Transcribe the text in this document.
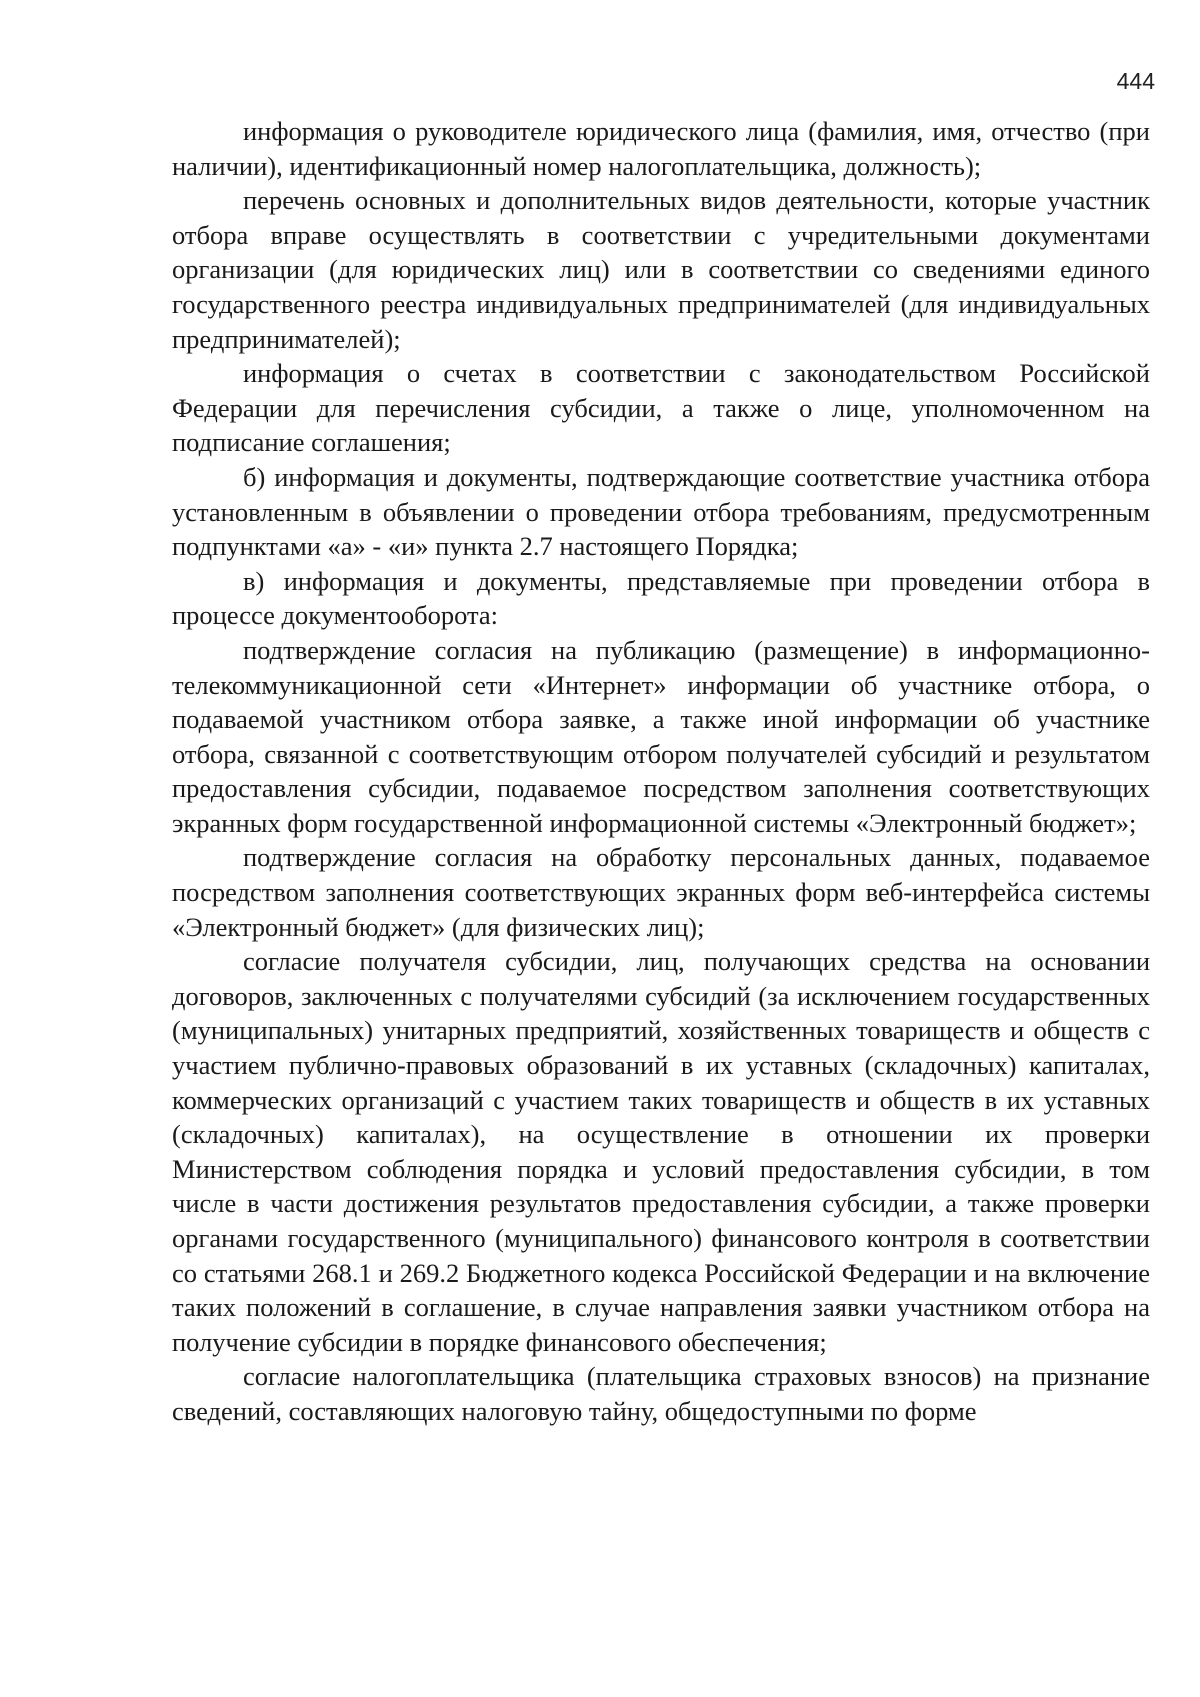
444

информация о руководителе юридического лица (фамилия, имя, отчество (при наличии), идентификационный номер налогоплательщика, должность);

перечень основных и дополнительных видов деятельности, которые участник отбора вправе осуществлять в соответствии с учредительными документами организации (для юридических лиц) или в соответствии со сведениями единого государственного реестра индивидуальных предпринимателей (для индивидуальных предпринимателей);

информация о счетах в соответствии с законодательством Российской Федерации для перечисления субсидии, а также о лице, уполномоченном на подписание соглашения;

б) информация и документы, подтверждающие соответствие участника отбора установленным в объявлении о проведении отбора требованиям, предусмотренным подпунктами «а» - «и» пункта 2.7 настоящего Порядка;

в) информация и документы, представляемые при проведении отбора в процессе документооборота:

подтверждение согласия на публикацию (размещение) в информационно-телекоммуникационной сети «Интернет» информации об участнике отбора, о подаваемой участником отбора заявке, а также иной информации об участнике отбора, связанной с соответствующим отбором получателей субсидий и результатом предоставления субсидии, подаваемое посредством заполнения соответствующих экранных форм государственной информационной системы «Электронный бюджет»;

подтверждение согласия на обработку персональных данных, подаваемое посредством заполнения соответствующих экранных форм веб-интерфейса системы «Электронный бюджет» (для физических лиц);

согласие получателя субсидии, лиц, получающих средства на основании договоров, заключенных с получателями субсидий (за исключением государственных (муниципальных) унитарных предприятий, хозяйственных товариществ и обществ с участием публично-правовых образований в их уставных (складочных) капиталах, коммерческих организаций с участием таких товариществ и обществ в их уставных (складочных) капиталах), на осуществление в отношении их проверки Министерством соблюдения порядка и условий предоставления субсидии, в том числе в части достижения результатов предоставления субсидии, а также проверки органами государственного (муниципального) финансового контроля в соответствии со статьями 268.1 и 269.2 Бюджетного кодекса Российской Федерации и на включение таких положений в соглашение, в случае направления заявки участником отбора на получение субсидии в порядке финансового обеспечения;

согласие налогоплательщика (плательщика страховых взносов) на признание сведений, составляющих налоговую тайну, общедоступными по форме
